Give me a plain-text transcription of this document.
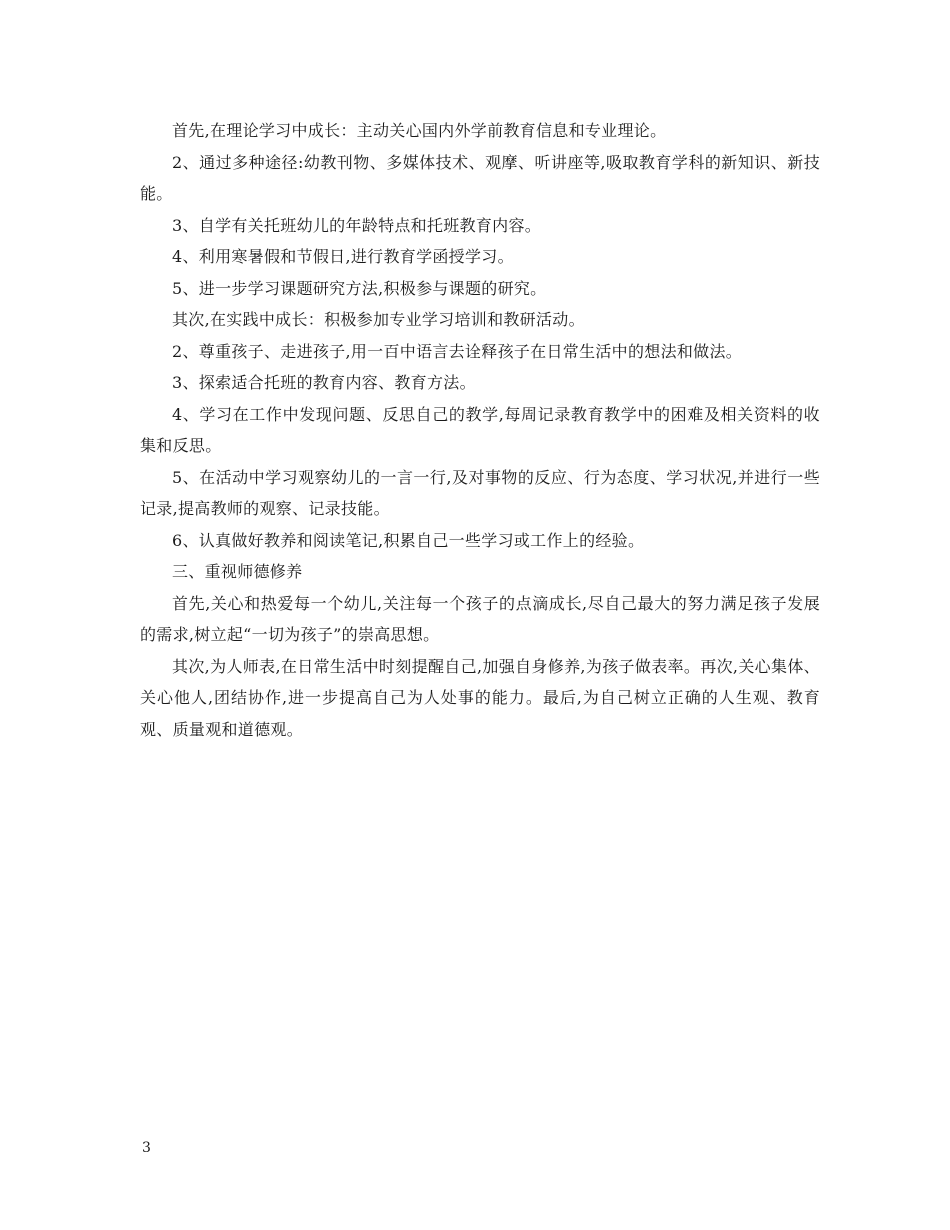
首先,在理论学习中成长：主动关心国内外学前教育信息和专业理论。

2、通过多种途径:幼教刊物、多媒体技术、观摩、听讲座等,吸取教育学科的新知识、新技能。

3、自学有关托班幼儿的年龄特点和托班教育内容。

4、利用寒暑假和节假日,进行教育学函授学习。

5、进一步学习课题研究方法,积极参与课题的研究。

其次,在实践中成长：积极参加专业学习培训和教研活动。

2、尊重孩子、走进孩子,用一百中语言去诠释孩子在日常生活中的想法和做法。

3、探索适合托班的教育内容、教育方法。

4、学习在工作中发现问题、反思自己的教学,每周记录教育教学中的困难及相关资料的收集和反思。

5、在活动中学习观察幼儿的一言一行,及对事物的反应、行为态度、学习状况,并进行一些记录,提高教师的观察、记录技能。

6、认真做好教养和阅读笔记,积累自己一些学习或工作上的经验。

三、重视师德修养

首先,关心和热爱每一个幼儿,关注每一个孩子的点滴成长,尽自己最大的努力满足孩子发展的需求,树立起“一切为孩子”的崇高思想。

其次,为人师表,在日常生活中时刻提醒自己,加强自身修养,为孩子做表率。再次,关心集体、关心他人,团结协作,进一步提高自己为人处事的能力。最后,为自己树立正确的人生观、教育观、质量观和道德观。

3
